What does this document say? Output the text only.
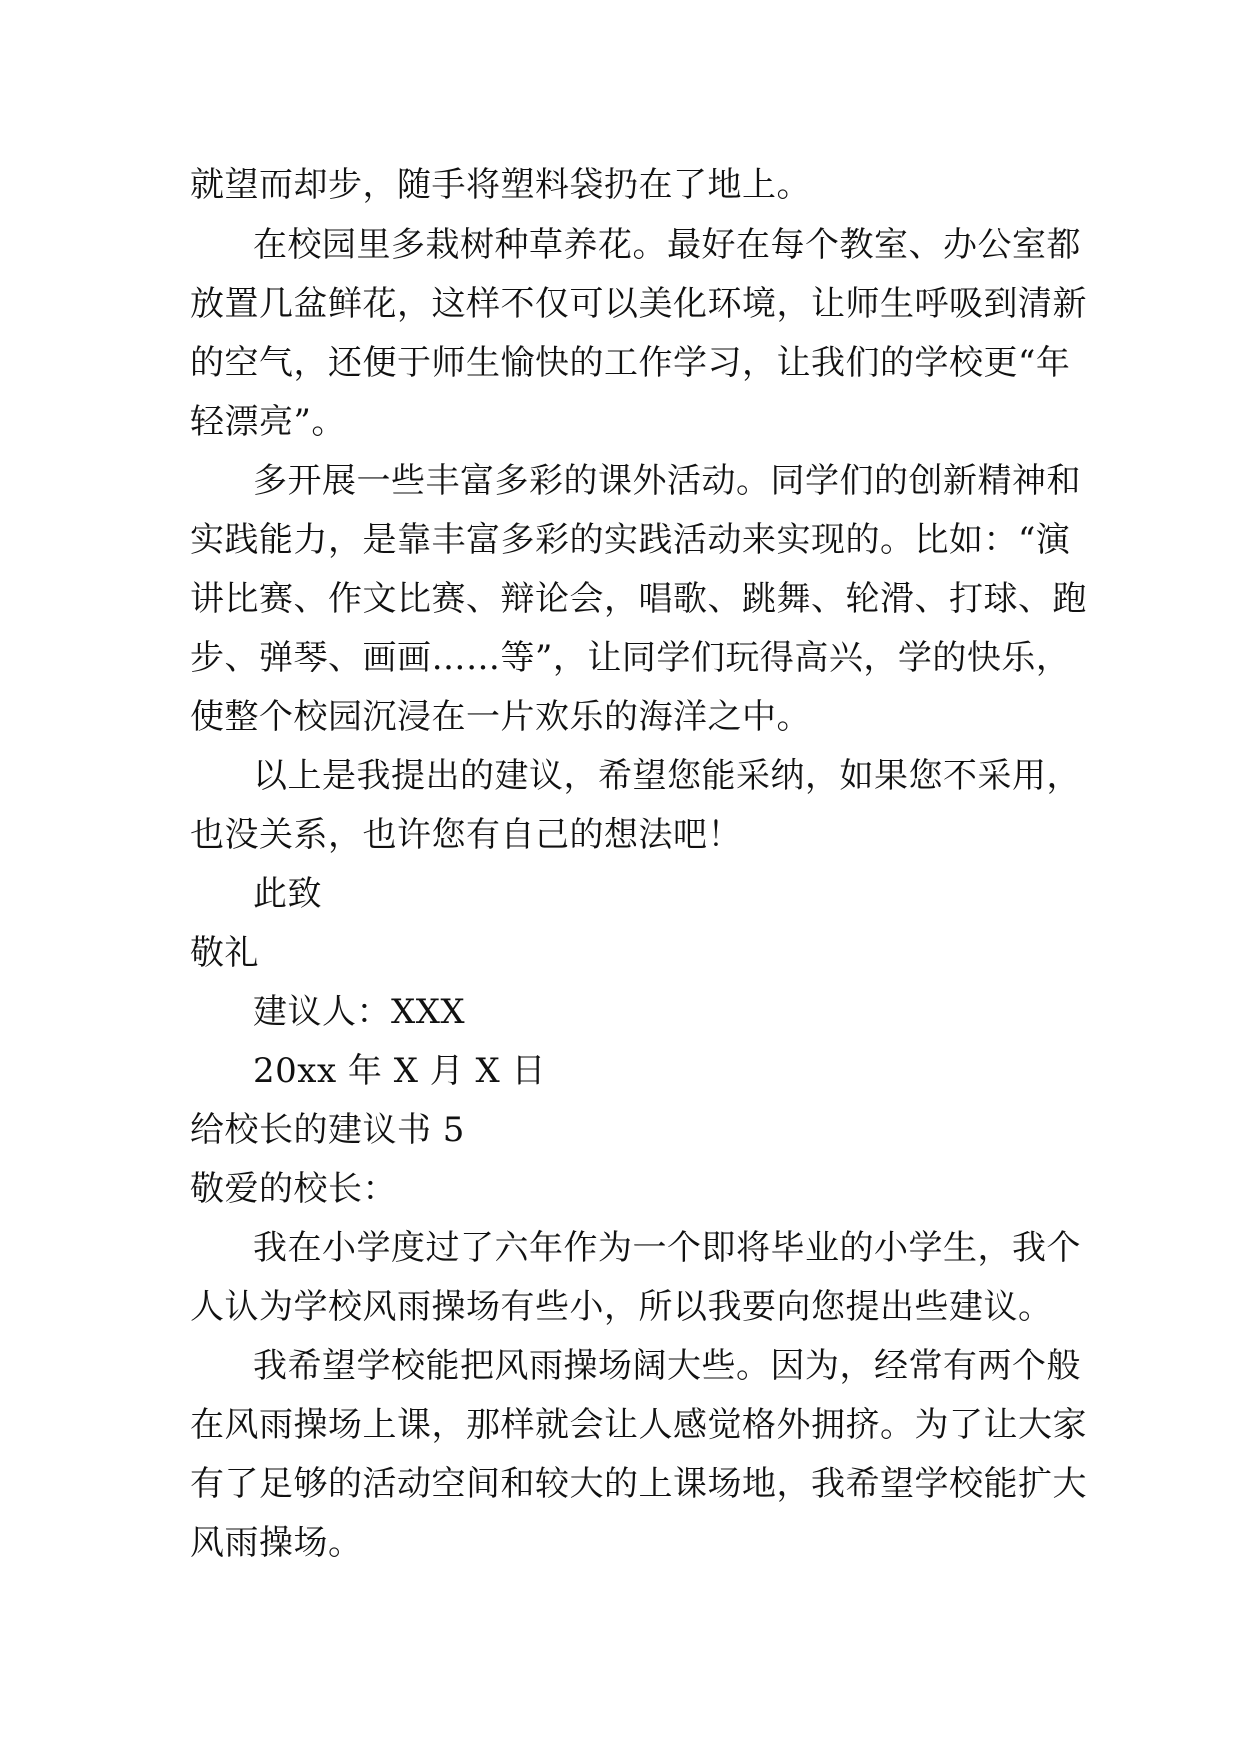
就望而却步，随手将塑料袋扔在了地上。
在校园里多栽树种草养花。最好在每个教室、办公室都
放置几盆鲜花，这样不仅可以美化环境，让师生呼吸到清新
的空气，还便于师生愉快的工作学习，让我们的学校更“年
轻漂亮”。
多开展一些丰富多彩的课外活动。同学们的创新精神和
实践能力，是靠丰富多彩的实践活动来实现的。比如：“演
讲比赛、作文比赛、辩论会，唱歌、跳舞、轮滑、打球、跑
步、弹琴、画画……等”，让同学们玩得高兴，学的快乐，
使整个校园沉浸在一片欢乐的海洋之中。
以上是我提出的建议，希望您能采纳，如果您不采用，
也没关系，也许您有自己的想法吧！
此致
敬礼
建议人：XXX
20xx 年 X 月 X 日
给校长的建议书 5
敬爱的校长：
我在小学度过了六年作为一个即将毕业的小学生，我个
人认为学校风雨操场有些小，所以我要向您提出些建议。
我希望学校能把风雨操场阔大些。因为，经常有两个般
在风雨操场上课，那样就会让人感觉格外拥挤。为了让大家
有了足够的活动空间和较大的上课场地，我希望学校能扩大
风雨操场。
